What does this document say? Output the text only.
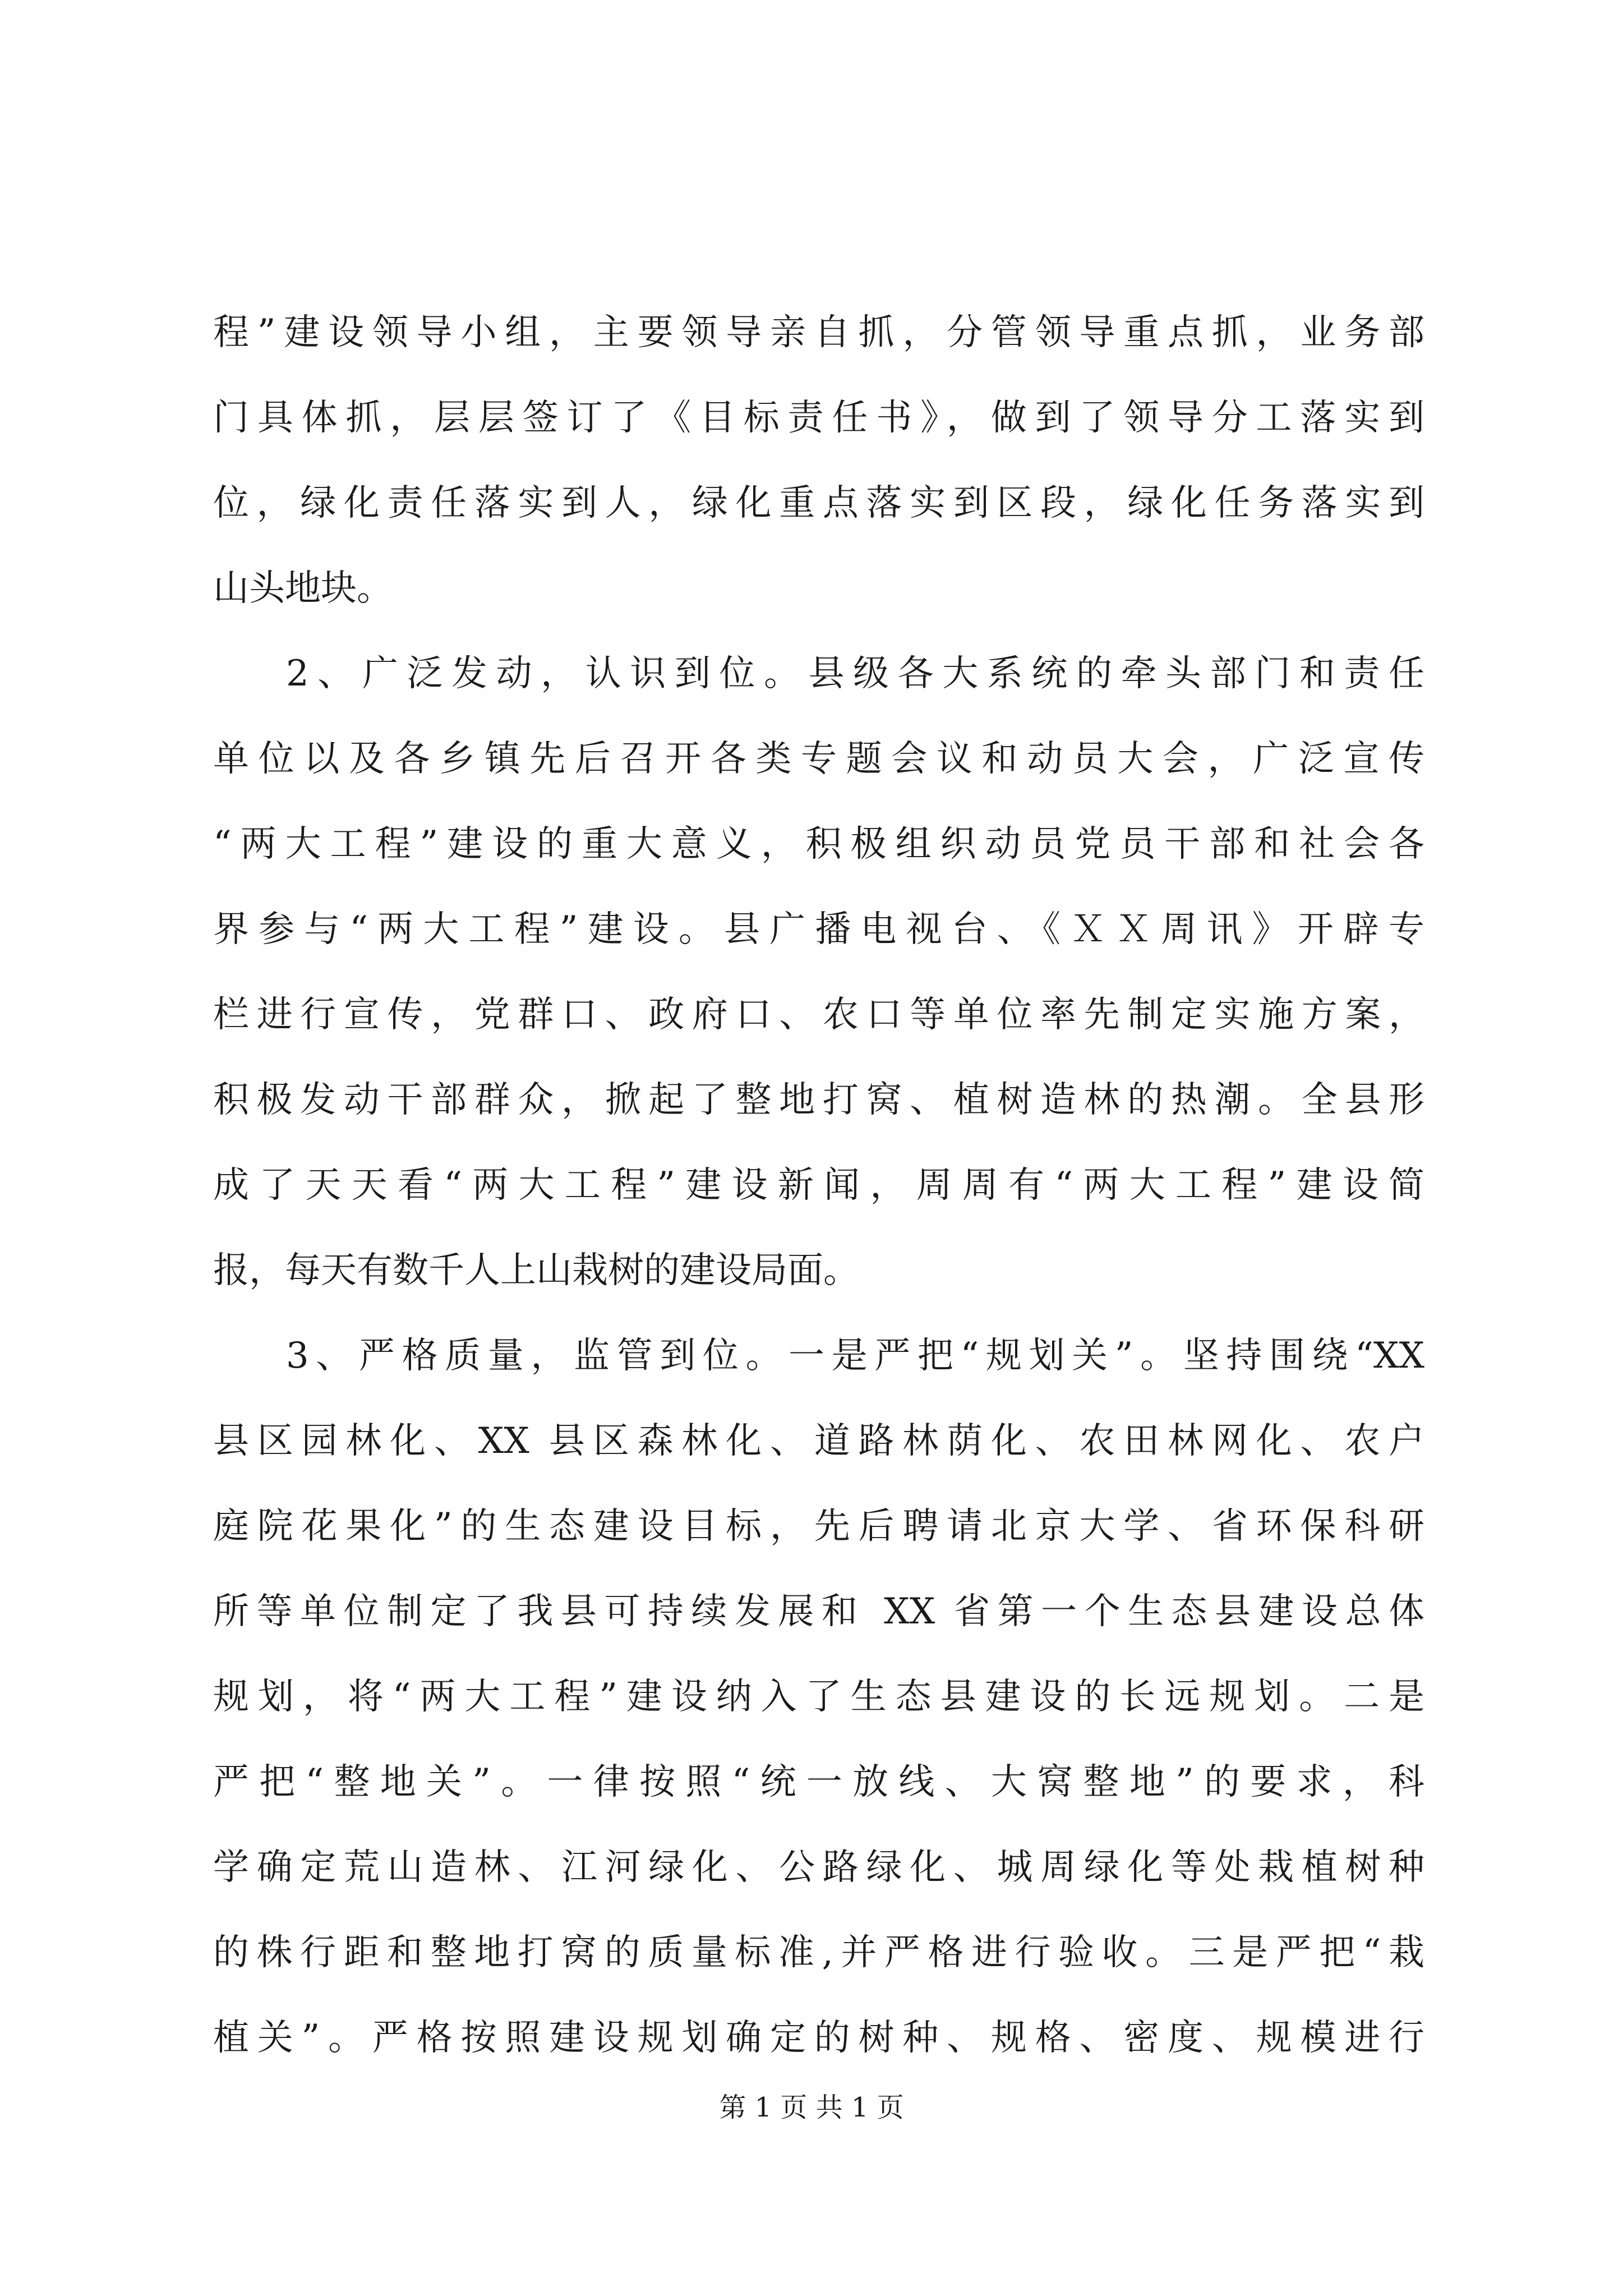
程”建设领导小组，主要领导亲自抓，分管领导重点抓，业务部
门具体抓，层层签订了《目标责任书》，做到了领导分工落实到
位，绿化责任落实到人，绿化重点落实到区段，绿化任务落实到
山头地块。
2、广泛发动，认识到位。县级各大系统的牵头部门和责任
单位以及各乡镇先后召开各类专题会议和动员大会，广泛宣传
“两大工程”建设的重大意义，积极组织动员党员干部和社会各
界参与“两大工程”建设。县广播电视台、《ＸＸ周讯》开辟专
栏进行宣传，党群口、政府口、农口等单位率先制定实施方案，
积极发动干部群众，掀起了整地打窝、植树造林的热潮。全县形
成了天天看“两大工程”建设新闻，周周有“两大工程”建设简
报，每天有数千人上山栽树的建设局面。
3、严格质量，监管到位。一是严把“规划关”。坚持围绕“XX
县区园林化、XX 县区森林化、道路林荫化、农田林网化、农户
庭院花果化”的生态建设目标，先后聘请北京大学、省环保科研
所等单位制定了我县可持续发展和 XX 省第一个生态县建设总体
规划，将“两大工程”建设纳入了生态县建设的长远规划。二是
严把“整地关”。一律按照“统一放线、大窝整地”的要求，科
学确定荒山造林、江河绿化、公路绿化、城周绿化等处栽植树种
的株行距和整地打窝的质量标准,并严格进行验收。三是严把“栽
植关”。严格按照建设规划确定的树种、规格、密度、规模进行
第 1 页 共 1 页
